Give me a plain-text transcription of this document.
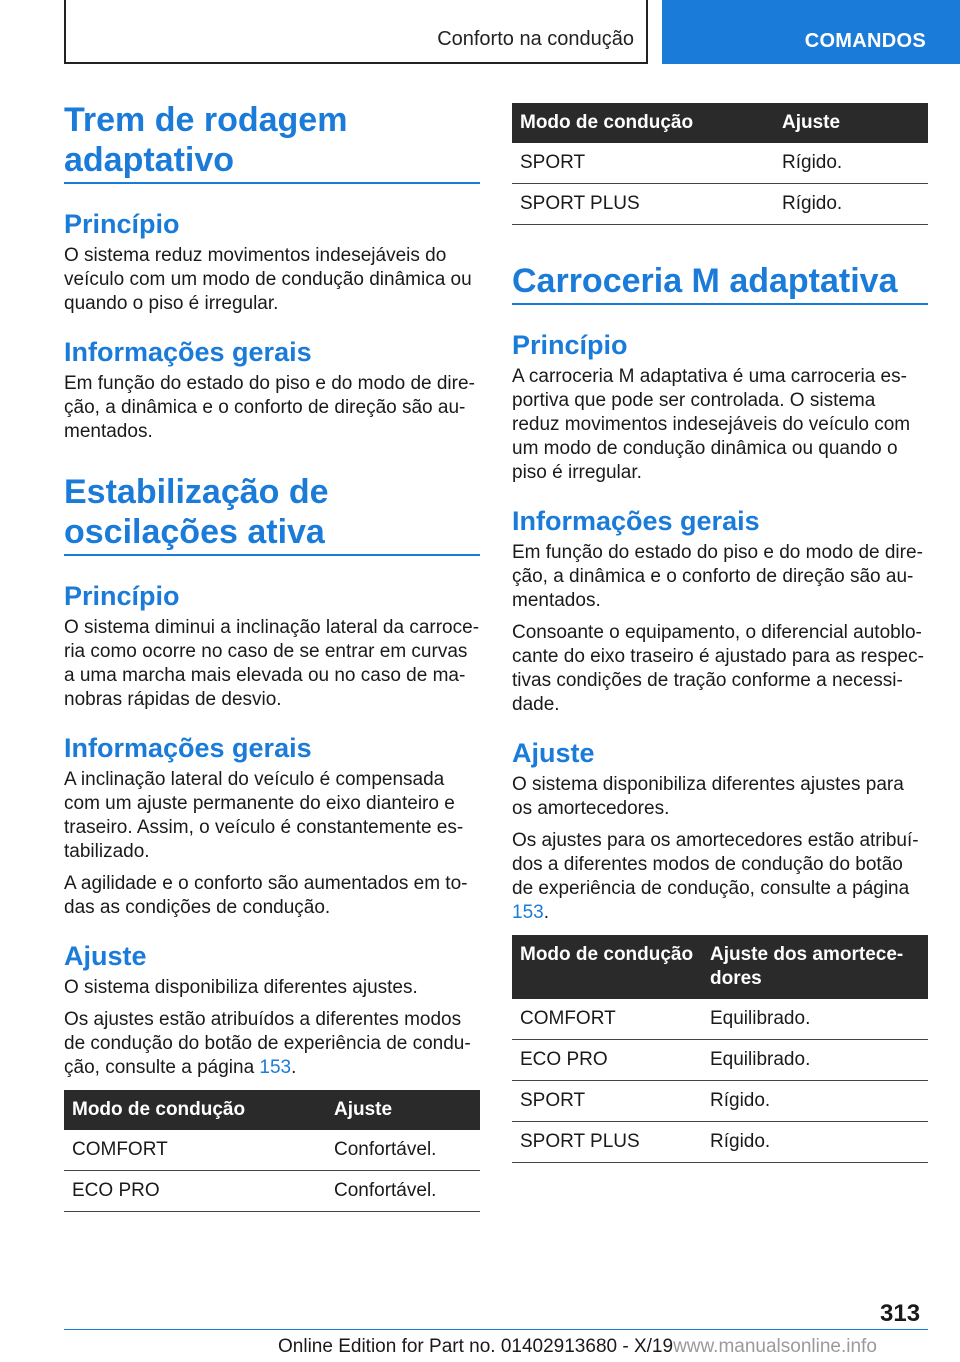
Conforto na condução	COMANDOS
Trem de rodagem adaptativo
Princípio

O sistema reduz movimentos indesejáveis do veículo com um modo de condução dinâmica ou quando o piso é irregular.

Informações gerais

Em função do estado do piso e do modo de direção, a dinâmica e o conforto de direção são aumentados.

Estabilização de oscilações ativa
Princípio

O sistema diminui a inclinação lateral da carroceria como ocorre no caso de se entrar em curvas a uma marcha mais elevada ou no caso de manobras rápidas de desvio.

Informações gerais

A inclinação lateral do veículo é compensada com um ajuste permanente do eixo dianteiro e traseiro. Assim, o veículo é constantemente estabilizado.

A agilidade e o conforto são aumentados em todas as condições de condução.

Ajuste

O sistema disponibiliza diferentes ajustes.

Os ajustes estão atribuídos a diferentes modos de condução do botão de experiência de condução, consulte a página 153.

Modo de condução	Ajuste
COMFORT	Confortável.
ECO PRO	Confortável.
Modo de condução	Ajuste
SPORT	Rígido.
SPORT PLUS	Rígido.
Carroceria M adaptativa
Princípio

A carroceria M adaptativa é uma carroceria esportiva que pode ser controlada. O sistema reduz movimentos indesejáveis do veículo com um modo de condução dinâmica ou quando o piso é irregular.

Informações gerais

Em função do estado do piso e do modo de direção, a dinâmica e o conforto de direção são aumentados.

Consoante o equipamento, o diferencial autoblocante do eixo traseiro é ajustado para as respectivas condições de tração conforme a necessidade.

Ajuste

O sistema disponibiliza diferentes ajustes para os amortecedores.

Os ajustes para os amortecedores estão atribuídos a diferentes modos de condução do botão de experiência de condução, consulte a página 153.

Modo de condução	Ajuste dos amortecedores
COMFORT	Equilibrado.
ECO PRO	Equilibrado.
SPORT	Rígido.
SPORT PLUS	Rígido.
313
Online Edition for Part no. 01402913680 - X/19www.manualsonline.info
